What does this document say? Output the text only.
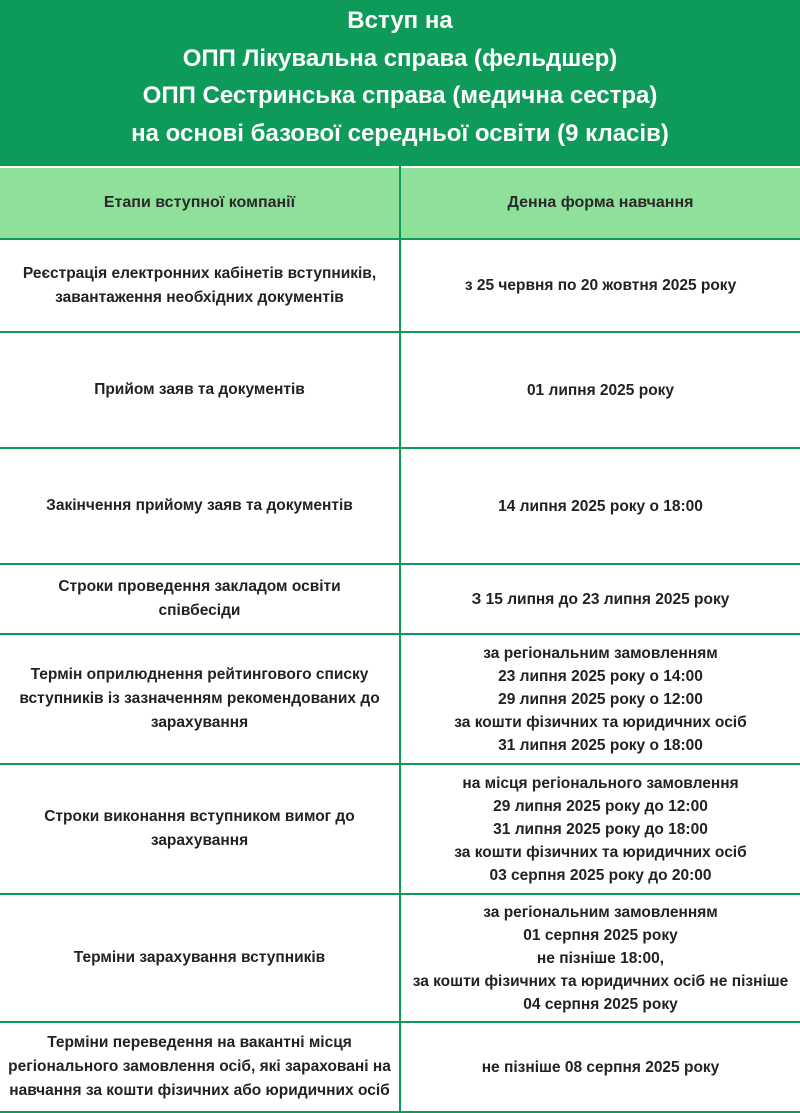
Вступ на
ОПП Лікувальна справа (фельдшер)
ОПП Сестринська справа (медична сестра)
на основі базової середньої освіти (9 класів)
Етапи вступної компанії	Денна форма навчання

Реєстрація електронних кабінетів вступників,
завантаження необхідних документів	з 25 червня по 20 жовтня 2025 року

Прийом заяв та документів	01 липня 2025 року

Закінчення прийому заяв та документів	14 липня 2025 року о 18:00

Строки проведення закладом освіти
співбесіди	З 15 липня до 23 липня 2025 року

Термін оприлюднення рейтингового списку
вступників із зазначенням рекомендованих до
зарахування	за регіональним замовленням
23 липня 2025 року о 14:00
29 липня 2025 року о 12:00
за кошти фізичних та юридичних осіб
31 липня 2025 року о 18:00

Строки виконання вступником вимог до
зарахування	на місця регіонального замовлення
29 липня 2025 року до 12:00
31 липня 2025 року до 18:00
за кошти фізичних та юридичних осіб
03 серпня 2025 року до 20:00

Терміни зарахування вступників	за регіональним замовленням
01 серпня 2025 року
не пізніше 18:00,
за кошти фізичних та юридичних осіб не пізніше
04 серпня 2025 року

Терміни переведення на вакантні місця
регіонального замовлення осіб, які зараховані на
навчання за кошти фізичних або юридичних осіб	не пізніше 08 серпня 2025 року
